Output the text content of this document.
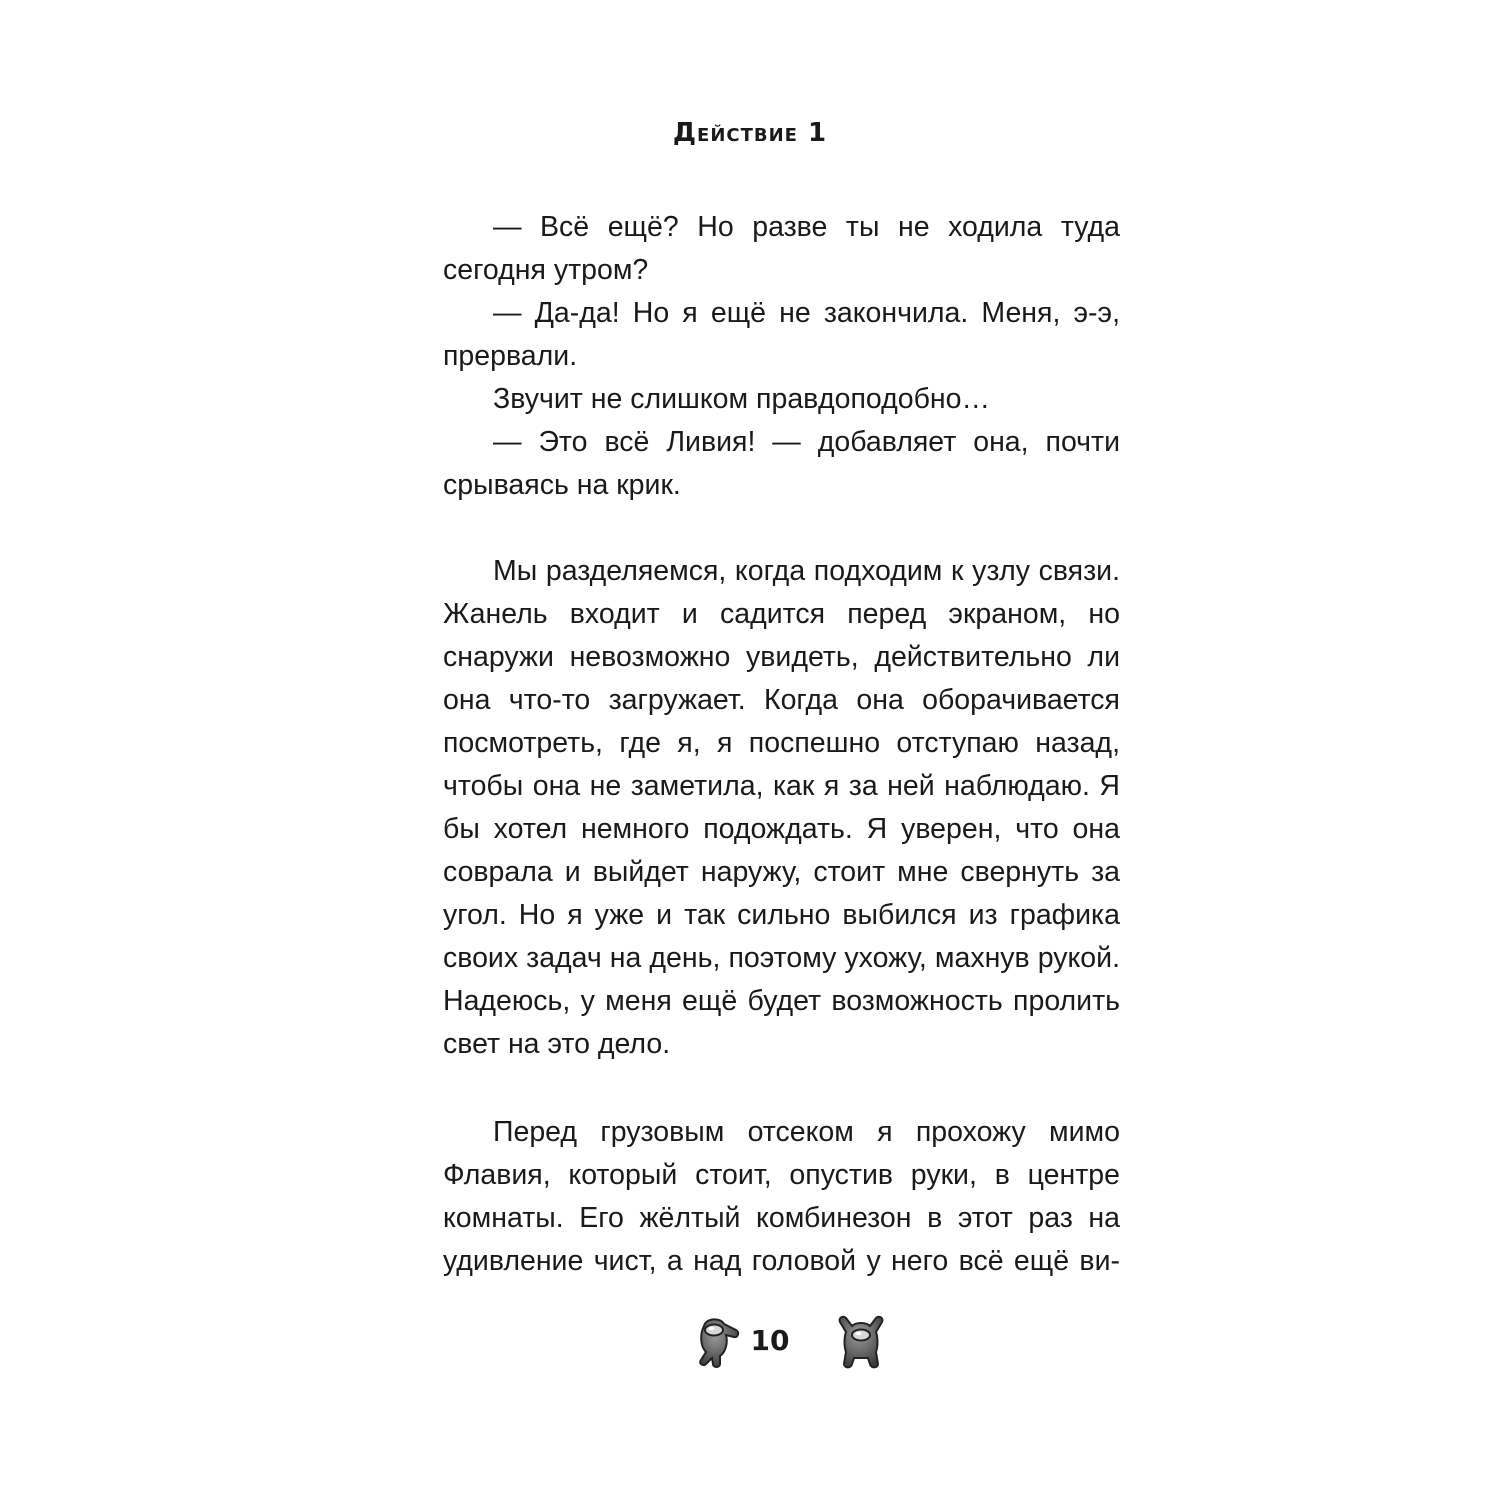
Действие 1

— Всё ещё? Но разве ты не ходила туда сегодня утром?

— Да-да! Но я ещё не закончила. Меня, э-э, прервали.

Звучит не слишком правдоподобно…

— Это всё Ливия! — добавляет она, почти срываясь на крик.

Мы разделяемся, когда подходим к узлу связи. Жанель входит и садится перед экраном, но снаружи невозможно увидеть, действительно ли она что-то загружает. Когда она оборачивается посмотреть, где я, я поспешно отступаю назад, чтобы она не заметила, как я за ней наблюдаю. Я бы хотел немного подождать. Я уверен, что она соврала и выйдет наружу, стоит мне свернуть за угол. Но я уже и так сильно выбился из графика своих задач на день, поэтому ухожу, махнув рукой. Надеюсь, у меня ещё будет возможность пролить свет на это дело.

Перед грузовым отсеком я прохожу мимо Флавия, который стоит, опустив руки, в центре комнаты. Его жёлтый комбинезон в этот раз на удивление чист, а над головой у него всё ещё ви-

10
